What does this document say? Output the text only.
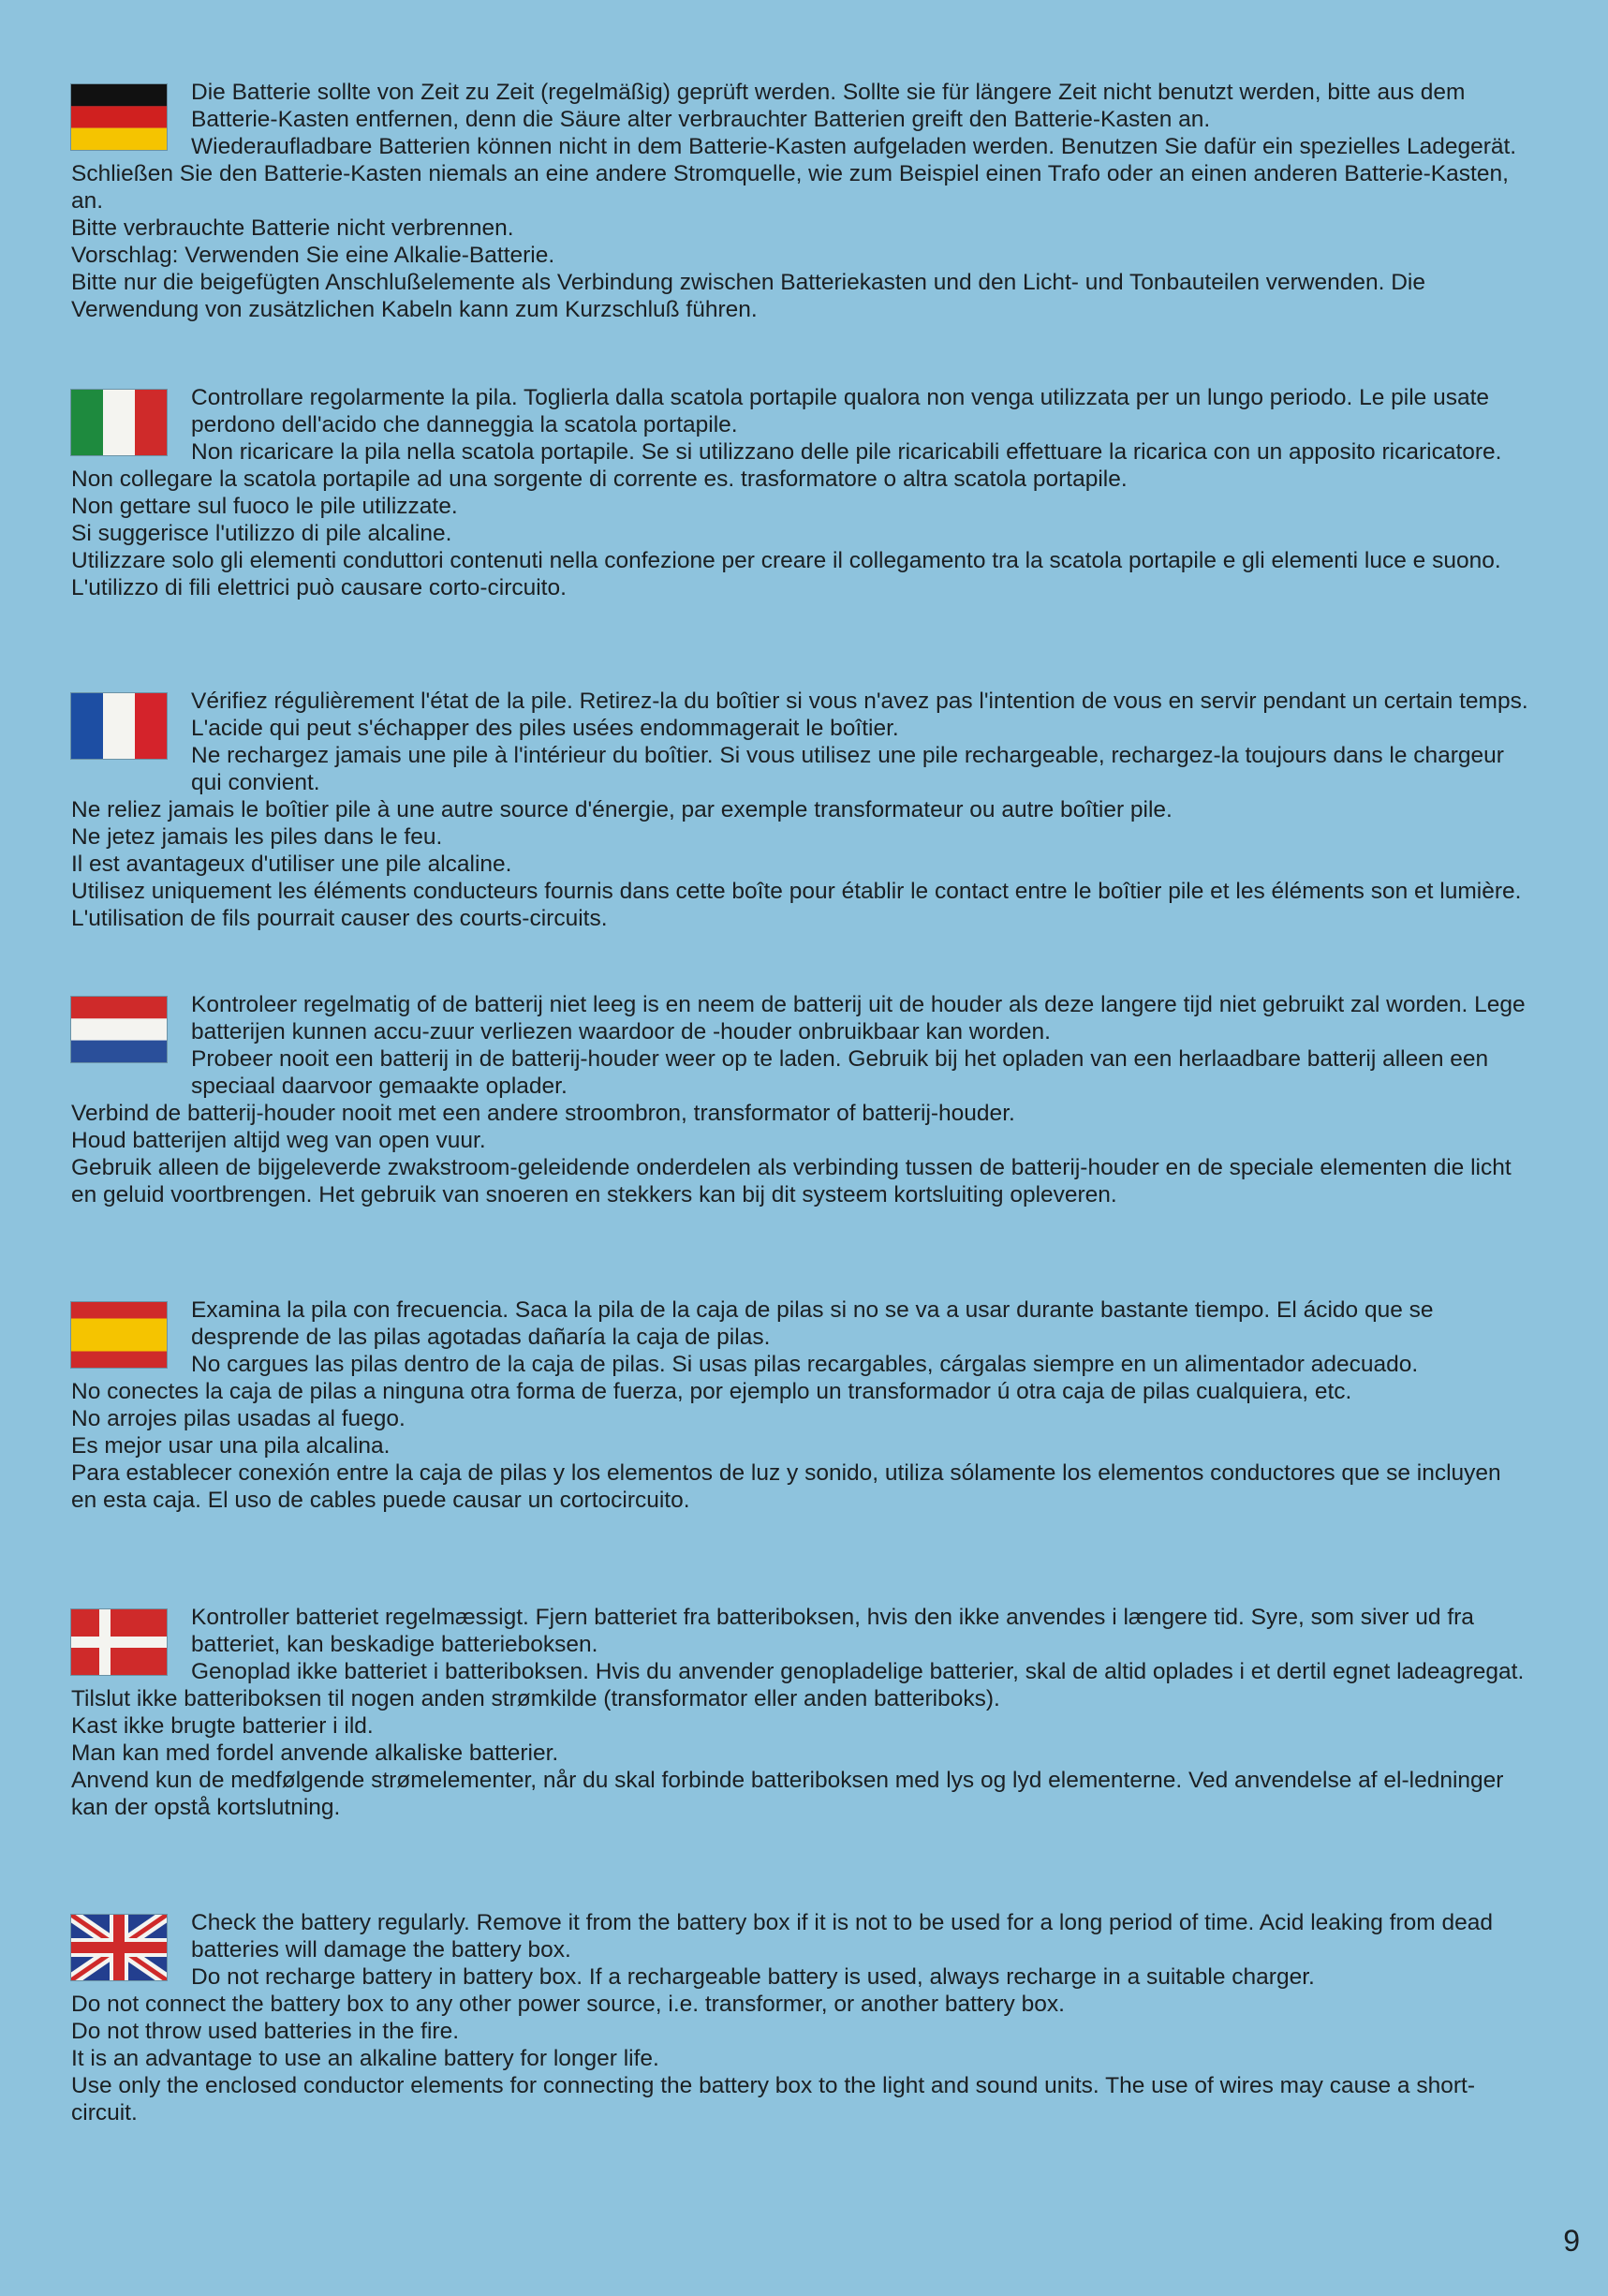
Die Batterie sollte von Zeit zu Zeit (regelmäßig) geprüft werden. Sollte sie für längere Zeit nicht benutzt werden, bitte aus dem Batterie-Kasten entfernen, denn die Säure alter verbrauchter Batterien greift den Batterie-Kasten an.

Wiederaufladbare Batterien können nicht in dem Batterie-Kasten aufgeladen werden. Benutzen Sie dafür ein spezielles Ladegerät.

Schließen Sie den Batterie-Kasten niemals an eine andere Stromquelle, wie zum Beispiel einen Trafo oder an einen anderen Batterie-Kasten, an.

Bitte verbrauchte Batterie nicht verbrennen.

Vorschlag: Verwenden Sie eine Alkalie-Batterie.

Bitte nur die beigefügten Anschlußelemente als Verbindung zwischen Batteriekasten und den Licht- und Tonbauteilen verwenden. Die Verwendung von zusätzlichen Kabeln kann zum Kurzschluß führen.

Controllare regolarmente la pila. Toglierla dalla scatola portapile qualora non venga utilizzata per un lungo periodo. Le pile usate perdono dell'acido che danneggia la scatola portapile.

Non ricaricare la pila nella scatola portapile. Se si utilizzano delle pile ricaricabili effettuare la ricarica con un apposito ricaricatore.

Non collegare la scatola portapile ad una sorgente di corrente es. trasformatore o altra scatola portapile.

Non gettare sul fuoco le pile utilizzate.

Si suggerisce l'utilizzo di pile alcaline.

Utilizzare solo gli elementi conduttori contenuti nella confezione per creare il collegamento tra la scatola portapile e gli elementi luce e suono. L'utilizzo di fili elettrici può causare corto-circuito.

Vérifiez régulièrement l'état de la pile. Retirez-la du boîtier si vous n'avez pas l'intention de vous en servir pendant un certain temps. L'acide qui peut s'échapper des piles usées endommagerait le boîtier.

Ne rechargez jamais une pile à l'intérieur du boîtier. Si vous utilisez une pile rechargeable, rechargez-la toujours dans le chargeur qui convient.

Ne reliez jamais le boîtier pile à une autre source d'énergie, par exemple transformateur ou autre boîtier pile.

Ne jetez jamais les piles dans le feu.

Il est avantageux d'utiliser une pile alcaline.

Utilisez uniquement les éléments conducteurs fournis dans cette boîte pour établir le contact entre le boîtier pile et les éléments son et lumière. L'utilisation de fils pourrait causer des courts-circuits.

Kontroleer regelmatig of de batterij niet leeg is en neem de batterij uit de houder als deze langere tijd niet gebruikt zal worden. Lege batterijen kunnen accu-zuur verliezen waardoor de -houder onbruikbaar kan worden.

Probeer nooit een batterij in de batterij-houder weer op te laden. Gebruik bij het opladen van een herlaadbare batterij alleen een speciaal daarvoor gemaakte oplader.

Verbind de batterij-houder nooit met een andere stroombron, transformator of batterij-houder.

Houd batterijen altijd weg van open vuur.

Gebruik alleen de bijgeleverde zwakstroom-geleidende onderdelen als verbinding tussen de batterij-houder en de speciale elementen die licht en geluid voortbrengen. Het gebruik van snoeren en stekkers kan bij dit systeem kortsluiting opleveren.

Examina la pila con frecuencia. Saca la pila de la caja de pilas si no se va a usar durante bastante tiempo. El ácido que se desprende de las pilas agotadas dañaría la caja de pilas.

No cargues las pilas dentro de la caja de pilas. Si usas pilas recargables, cárgalas siempre en un alimentador adecuado.

No conectes la caja de pilas a ninguna otra forma de fuerza, por ejemplo un transformador ú otra caja de pilas cualquiera, etc.

No arrojes pilas usadas al fuego.

Es mejor usar una pila alcalina.

Para establecer conexión entre la caja de pilas y los elementos de luz y sonido, utiliza sólamente los elementos conductores que se incluyen en esta caja. El uso de cables puede causar un cortocircuito.

Kontroller batteriet regelmæssigt. Fjern batteriet fra batteriboksen, hvis den ikke anvendes i længere tid. Syre, som siver ud fra batteriet, kan beskadige batterieboksen.

Genoplad ikke batteriet i batteriboksen. Hvis du anvender genopladelige batterier, skal de altid oplades i et dertil egnet ladeagregat.

Tilslut ikke batteriboksen til nogen anden strømkilde (transformator eller anden batteriboks).

Kast ikke brugte batterier i ild.

Man kan med fordel anvende alkaliske batterier.

Anvend kun de medfølgende strømelementer, når du skal forbinde batteriboksen med lys og lyd elementerne. Ved anvendelse af el-ledninger kan der opstå kortslutning.

Check the battery regularly. Remove it from the battery box if it is not to be used for a long period of time. Acid leaking from dead batteries will damage the battery box.

Do not recharge battery in battery box. If a rechargeable battery is used, always recharge in a suitable charger.

Do not connect the battery box to any other power source, i.e. transformer, or another battery box.

Do not throw used batteries in the fire.

It is an advantage to use an alkaline battery for longer life.

Use only the enclosed conductor elements for connecting the battery box to the light and sound units. The use of wires may cause a short-circuit.

9
